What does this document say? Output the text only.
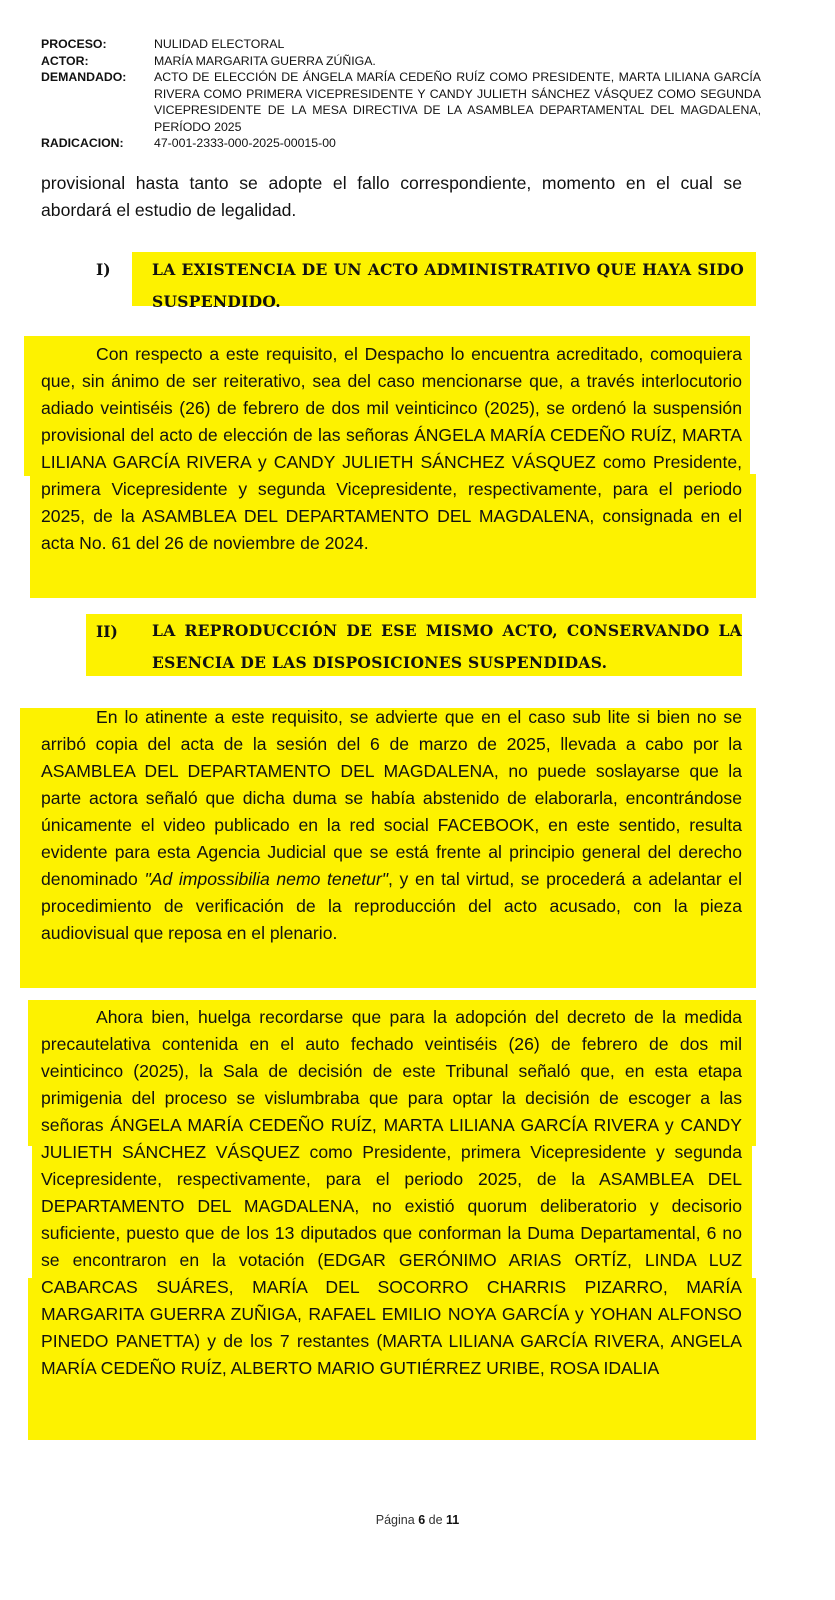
PROCESO:	NULIDAD ELECTORAL
ACTOR:	MARÍA MARGARITA GUERRA ZÚÑIGA.
DEMANDADO:	ACTO DE ELECCIÓN DE ÁNGELA MARÍA CEDEÑO RUÍZ COMO PRESIDENTE, MARTA LILIANA GARCÍA RIVERA COMO PRIMERA VICEPRESIDENTE Y CANDY JULIETH SÁNCHEZ VÁSQUEZ COMO SEGUNDA VICEPRESIDENTE DE LA MESA DIRECTIVA DE LA ASAMBLEA DEPARTAMENTAL DEL MAGDALENA, PERÍODO 2025
RADICACION:	47-001-2333-000-2025-00015-00

provisional hasta tanto se adopte el fallo correspondiente, momento en el cual se abordará el estudio de legalidad.

I)	LA EXISTENCIA DE UN ACTO ADMINISTRATIVO QUE HAYA SIDO SUSPENDIDO.

Con respecto a este requisito, el Despacho lo encuentra acreditado, comoquiera que, sin ánimo de ser reiterativo, sea del caso mencionarse que, a través interlocutorio adiado veintiséis (26) de febrero de dos mil veinticinco (2025), se ordenó la suspensión provisional del acto de elección de las señoras ÁNGELA MARÍA CEDEÑO RUÍZ, MARTA LILIANA GARCÍA RIVERA y CANDY JULIETH SÁNCHEZ VÁSQUEZ como Presidente, primera Vicepresidente y segunda Vicepresidente, respectivamente, para el periodo 2025, de la ASAMBLEA DEL DEPARTAMENTO DEL MAGDALENA, consignada en el acta No. 61 del 26 de noviembre de 2024.

II) LA REPRODUCCIÓN DE ESE MISMO ACTO, CONSERVANDO LA ESENCIA DE LAS DISPOSICIONES SUSPENDIDAS.

En lo atinente a este requisito, se advierte que en el caso sub lite si bien no se arribó copia del acta de la sesión del 6 de marzo de 2025, llevada a cabo por la ASAMBLEA DEL DEPARTAMENTO DEL MAGDALENA, no puede soslayarse que la parte actora señaló que dicha duma se había abstenido de elaborarla, encontrándose únicamente el video publicado en la red social FACEBOOK, en este sentido, resulta evidente para esta Agencia Judicial que se está frente al principio general del derecho denominado "Ad impossibilia nemo tenetur", y en tal virtud, se procederá a adelantar el procedimiento de verificación de la reproducción del acto acusado, con la pieza audiovisual que reposa en el plenario.

Ahora bien, huelga recordarse que para la adopción del decreto de la medida precautelativa contenida en el auto fechado veintiséis (26) de febrero de dos mil veinticinco (2025), la Sala de decisión de este Tribunal señaló que, en esta etapa primigenia del proceso se vislumbraba que para optar la decisión de escoger a las señoras ÁNGELA MARÍA CEDEÑO RUÍZ, MARTA LILIANA GARCÍA RIVERA y CANDY JULIETH SÁNCHEZ VÁSQUEZ como Presidente, primera Vicepresidente y segunda Vicepresidente, respectivamente, para el periodo 2025, de la ASAMBLEA DEL DEPARTAMENTO DEL MAGDALENA, no existió quorum deliberatorio y decisorio suficiente, puesto que de los 13 diputados que conforman la Duma Departamental, 6 no se encontraron en la votación (EDGAR GERÓNIMO ARIAS ORTÍZ, LINDA LUZ CABARCAS SUÁRES, MARÍA DEL SOCORRO CHARRIS PIZARRO, MARÍA MARGARITA GUERRA ZUÑIGA, RAFAEL EMILIO NOYA GARCÍA y YOHAN ALFONSO PINEDO PANETTA) y de los 7 restantes (MARTA LILIANA GARCÍA RIVERA, ANGELA MARÍA CEDEÑO RUÍZ, ALBERTO MARIO GUTIÉRREZ URIBE, ROSA IDALIA

Página 6 de 11
